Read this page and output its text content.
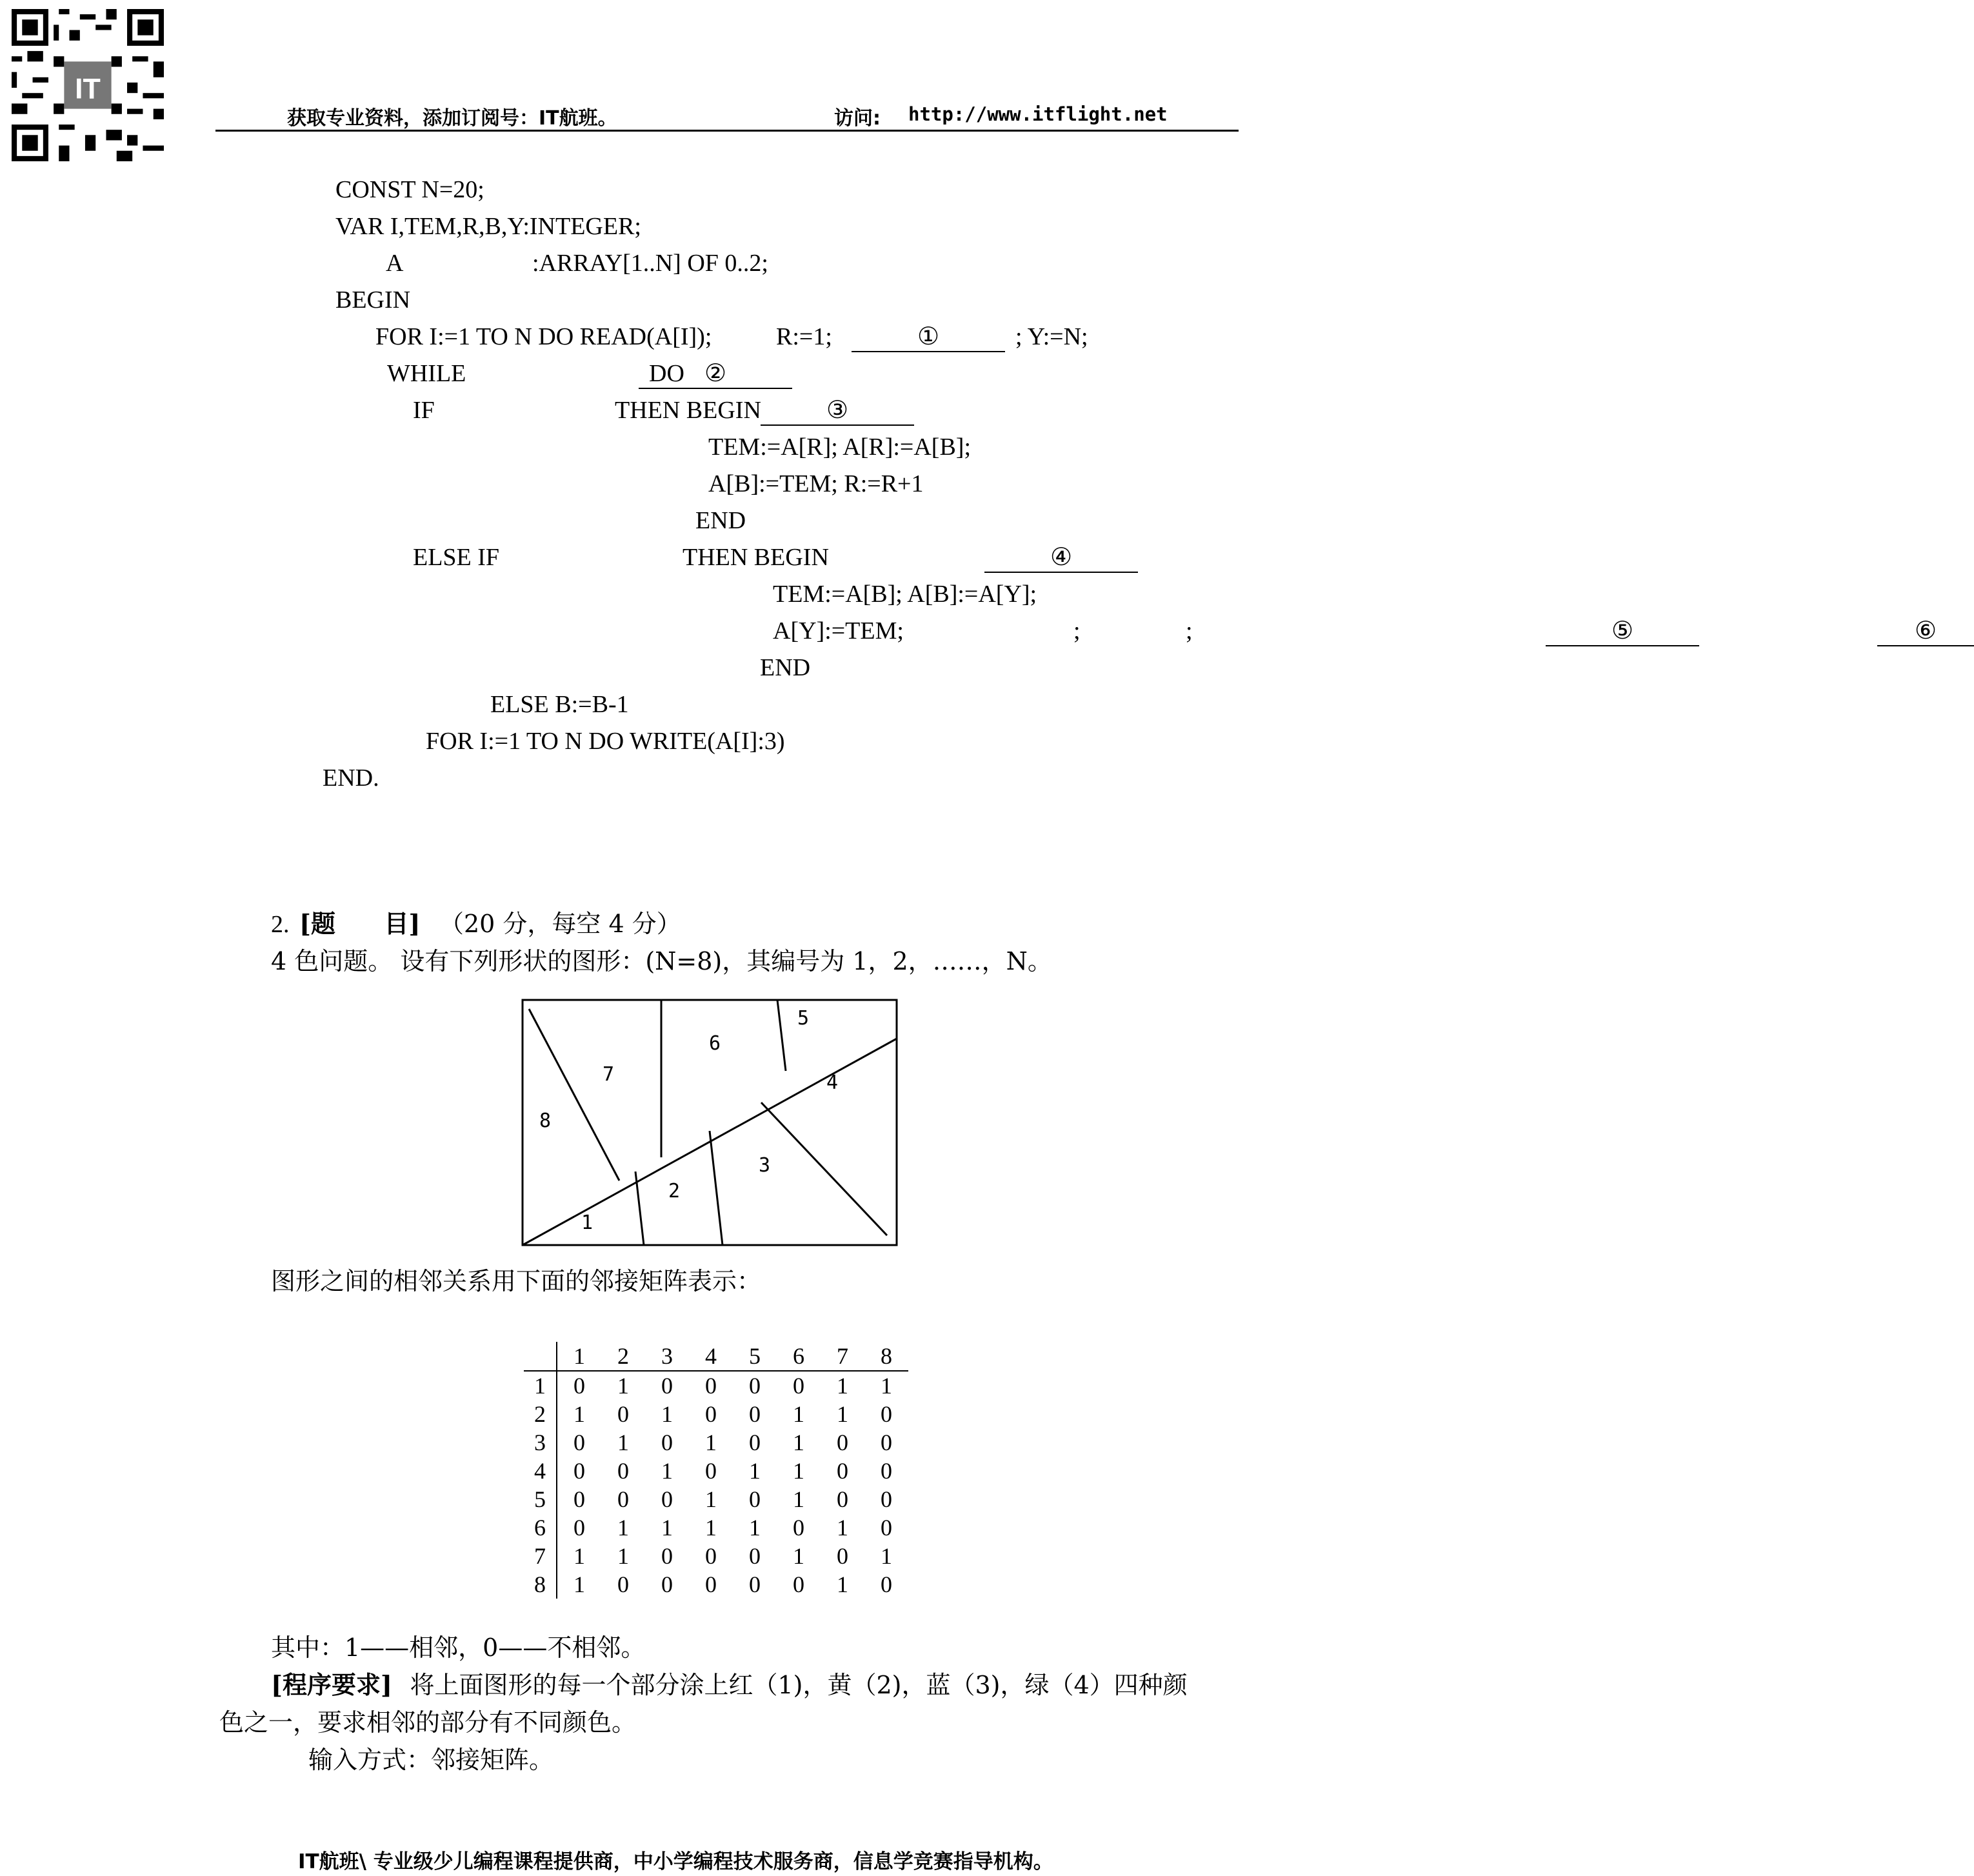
IT
获取专业资料，添加订阅号：IT航班。	访问: http://www.itflight.net
CONST N=20;
VAR I,TEM,R,B,Y:INTEGER;
A	:ARRAY[1..N] OF 0..2;
BEGIN
FOR I:=1 TO N DO READ(A[I]);	R:=1;	①	; Y:=N;
WHILE	②
DO
IF	③
THEN BEGIN
TEM:=A[R]; A[R]:=A[B];
A[B]:=TEM; R:=R+1
END
ELSE IF	④
THEN BEGIN
TEM:=A[B]; A[B]:=A[Y];
A[Y]:=TEM;	⑤
;	⑥
;
END
ELSE B:=B-1
FOR I:=1 TO N DO WRITE(A[I]:3)
END.
2. [题 目] （20 分，每空 4 分）
4 色问题。 设有下列形状的图形：(N=8)，其编号为 1，2，……，N。
1
2
3
4
5
6
7
8
图形之间的相邻关系用下面的邻接矩阵表示：
	1	2	3	4	5	6	7	8
1	0	1	0	0	0	0	1	1
2	1	0	1	0	0	1	1	0
3	0	1	0	1	0	1	0	0
4	0	0	1	0	1	1	0	0
5	0	0	0	1	0	1	0	0
6	0	1	1	1	1	0	1	0
7	1	1	0	0	0	1	0	1
8	1	0	0	0	0	0	1	0
其中：1——相邻，0——不相邻。
[程序要求] 将上面图形的每一个部分涂上红（1)，黄（2)，蓝（3)，绿（4）四种颜
色之一，要求相邻的部分有不同颜色。
输入方式：邻接矩阵。
IT航班\ 专业级少儿编程课程提供商，中小学编程技术服务商，信息学竞赛指导机构。
